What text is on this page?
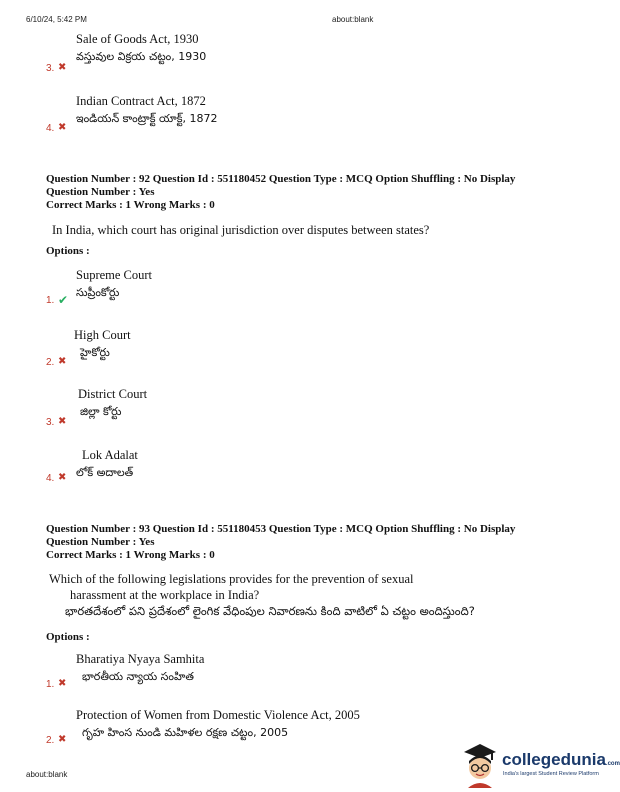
6/10/24, 5:42 PM	about:blank
Sale of Goods Act, 1930
వస్తువుల విక్రయ చట్టం, 1930
3. ✖
Indian Contract Act, 1872
ఇండియన్ కాంట్రాక్ట్ యాక్ట్, 1872
4. ✖
Question Number : 92 Question Id : 551180452 Question Type : MCQ Option Shuffling : No Display
Question Number : Yes
Correct Marks : 1 Wrong Marks : 0
In India, which court has original jurisdiction over disputes between states?
Options :
Supreme Court
సుప్రీంకోర్టు
1. ✔
High Court
హైకోర్టు
2. ✖
District Court
జిల్లా కోర్టు
3. ✖
Lok Adalat
లోక్ అదాలత్
4. ✖
Question Number : 93 Question Id : 551180453 Question Type : MCQ Option Shuffling : No Display
Question Number : Yes
Correct Marks : 1 Wrong Marks : 0
Which of the following legislations provides for the prevention of sexual
harassment at the workplace in India?
భారతదేశంలో పని ప్రదేశంలో లైంగిక వేధింపుల నివారణను కింది వాటిలో ఏ చట్టం అందిస్తుంది?
Options :
Bharatiya Nyaya Samhita
భారతీయ న్యాయ సంహిత
1. ✖
Protection of Women from Domestic Violence Act, 2005
గృహ హింస నుండి మహిళల రక్షణ చట్టం, 2005
2. ✖
about:blank
collegedunia.com
India's largest Student Review Platform
